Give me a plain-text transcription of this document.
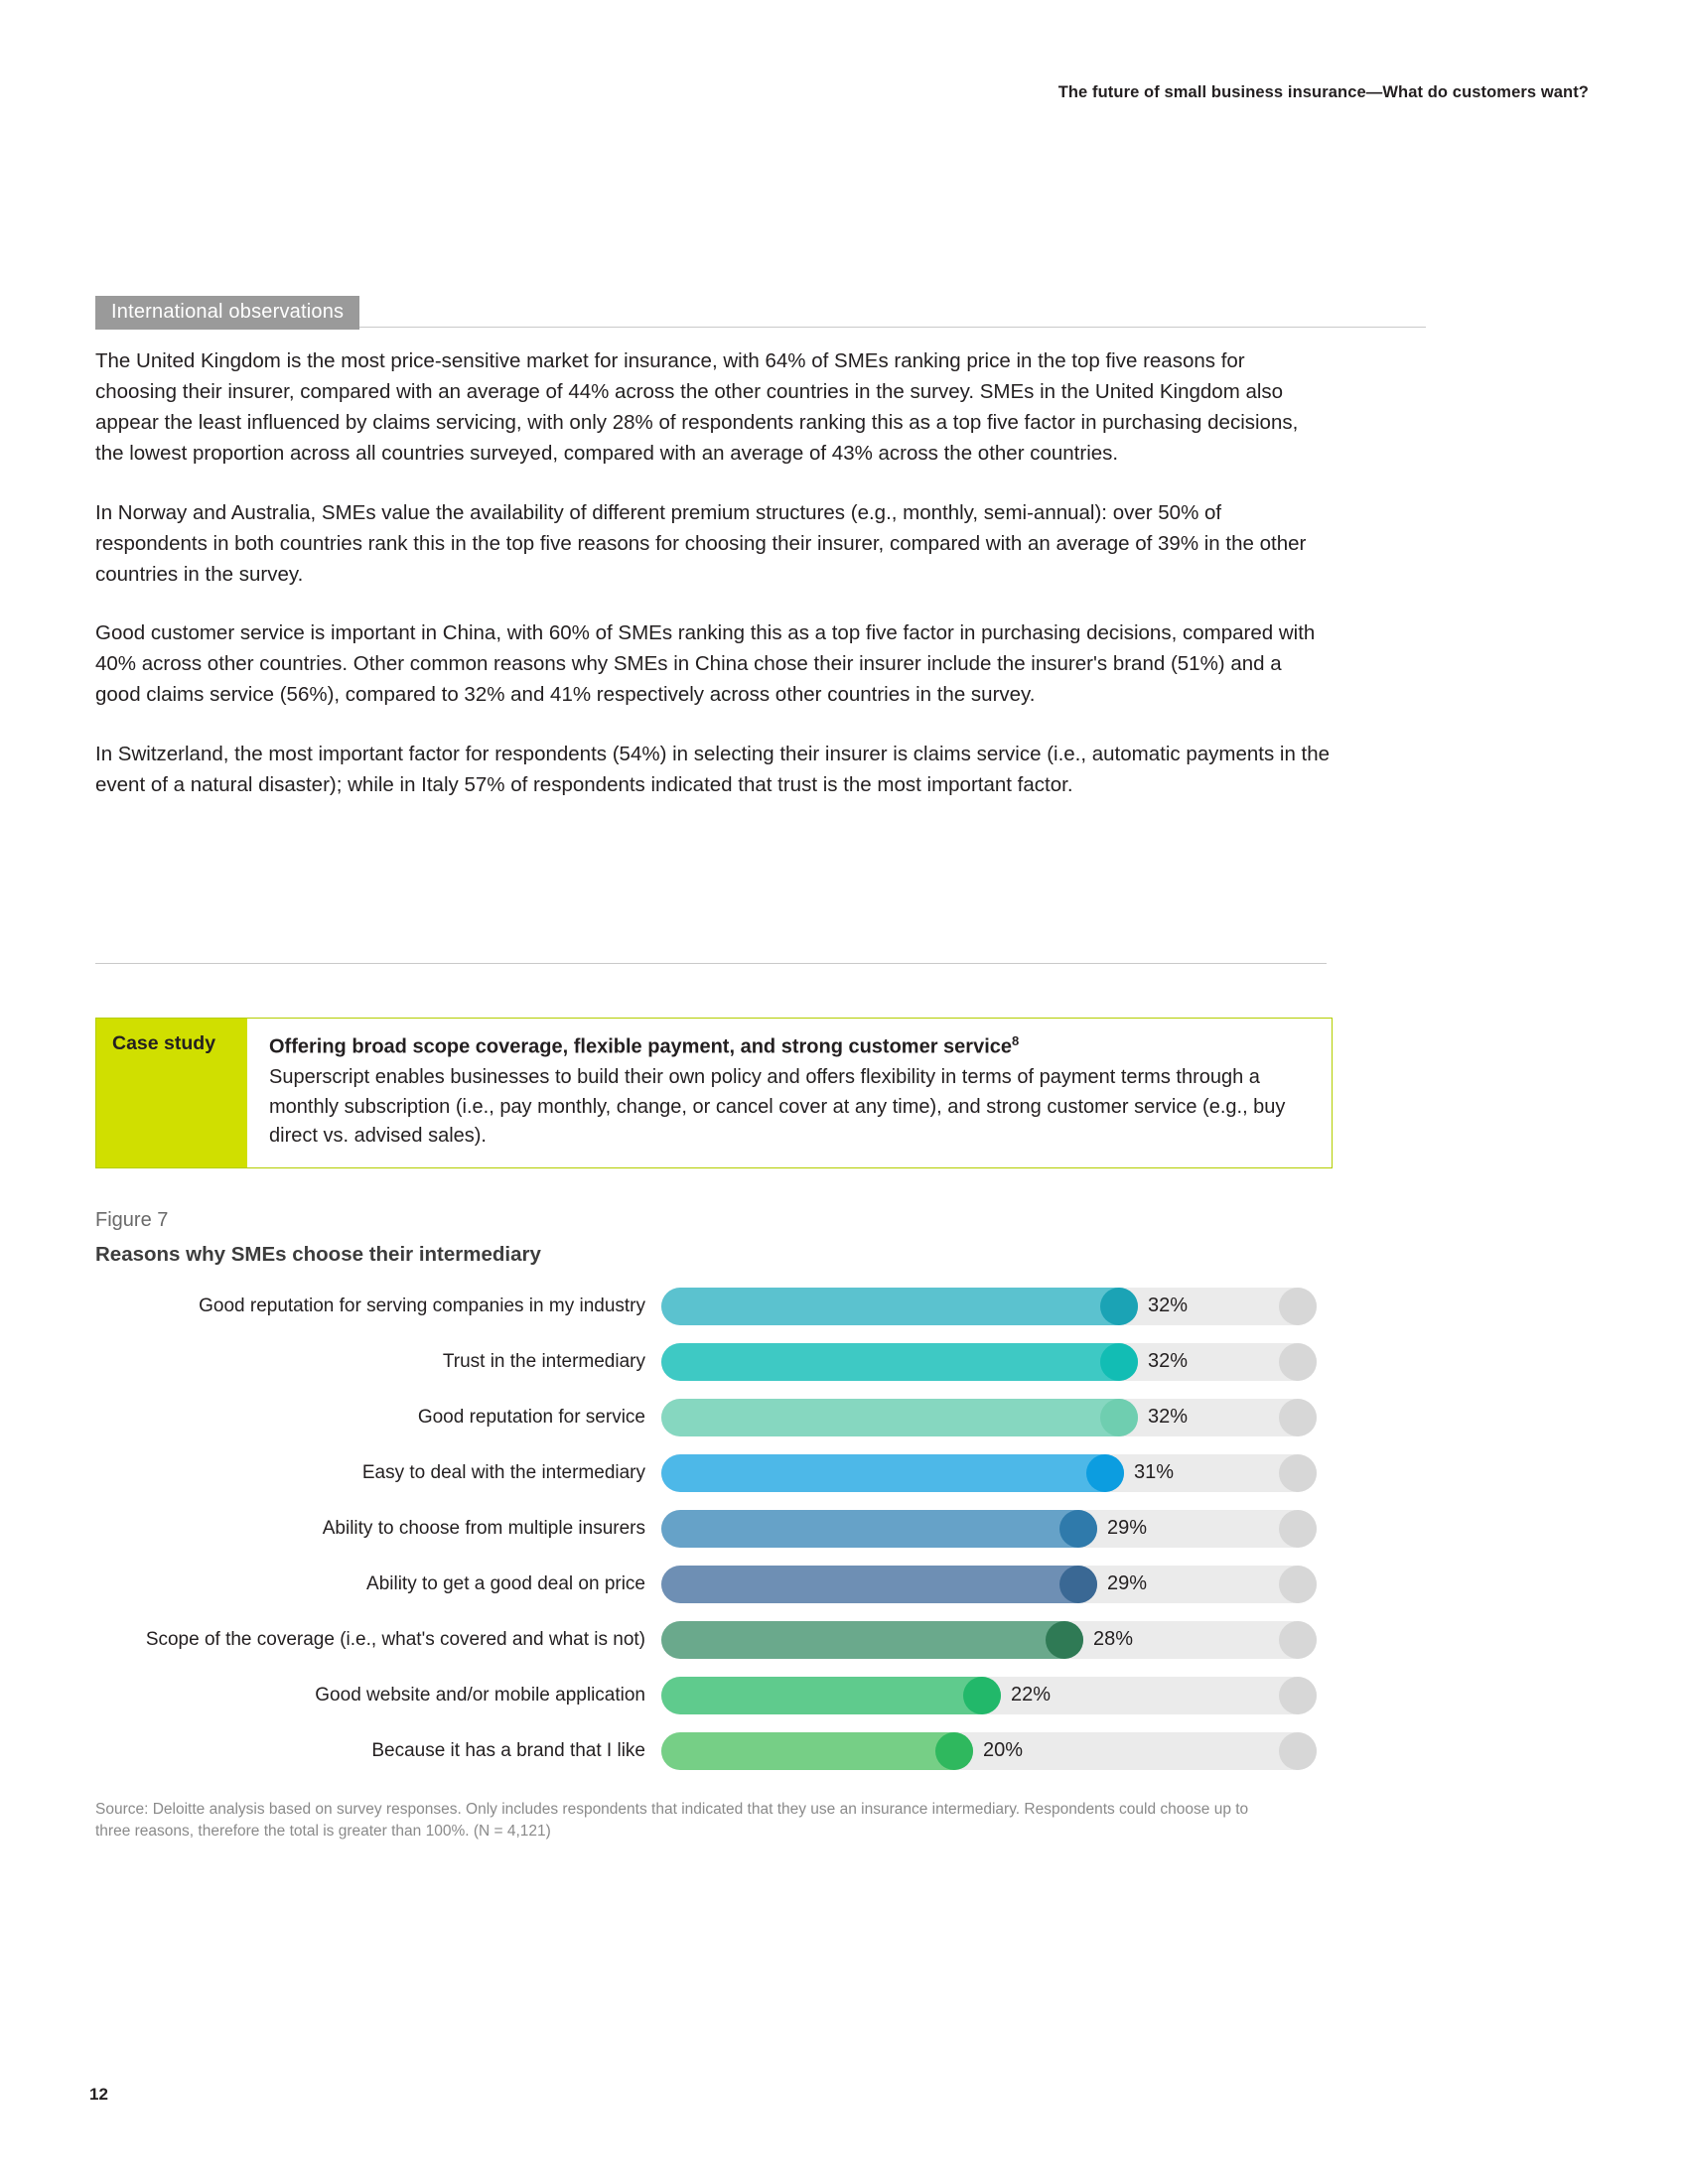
The future of small business insurance—What do customers want?
International observations

The United Kingdom is the most price-sensitive market for insurance, with 64% of SMEs ranking price in the top five reasons for choosing their insurer, compared with an average of 44% across the other countries in the survey. SMEs in the United Kingdom also appear the least influenced by claims servicing, with only 28% of respondents ranking this as a top five factor in purchasing decisions, the lowest proportion across all countries surveyed, compared with an average of 43% across the other countries.

In Norway and Australia, SMEs value the availability of different premium structures (e.g., monthly, semi-annual): over 50% of respondents in both countries rank this in the top five reasons for choosing their insurer, compared with an average of 39% in the other countries in the survey.

Good customer service is important in China, with 60% of SMEs ranking this as a top five factor in purchasing decisions, compared with 40% across other countries. Other common reasons why SMEs in China chose their insurer include the insurer's brand (51%) and a good claims service (56%), compared to 32% and 41% respectively across other countries in the survey.

In Switzerland, the most important factor for respondents (54%) in selecting their insurer is claims service (i.e., automatic payments in the event of a natural disaster); while in Italy 57% of respondents indicated that trust is the most important factor.

Case study	Offering broad scope coverage, flexible payment, and strong customer service$^8$
Superscript enables businesses to build their own policy and offers flexibility in terms of payment terms through a monthly subscription (i.e., pay monthly, change, or cancel cover at any time), and strong customer service (e.g., buy direct vs. advised sales).
Figure 7
Reasons why SMEs choose their intermediary
Good reputation for serving companies in my industry	32%
Trust in the intermediary	32%
Good reputation for service	32%
Easy to deal with the intermediary	31%
Ability to choose from multiple insurers	29%
Ability to get a good deal on price	29%
Scope of the coverage (i.e., what's covered and what is not)	28%
Good website and/or mobile application	22%
Because it has a brand that I like	20%
Source: Deloitte analysis based on survey responses. Only includes respondents that indicated that they use an insurance intermediary. Respondents could choose up to three reasons, therefore the total is greater than 100%. (N = 4,121)
12
